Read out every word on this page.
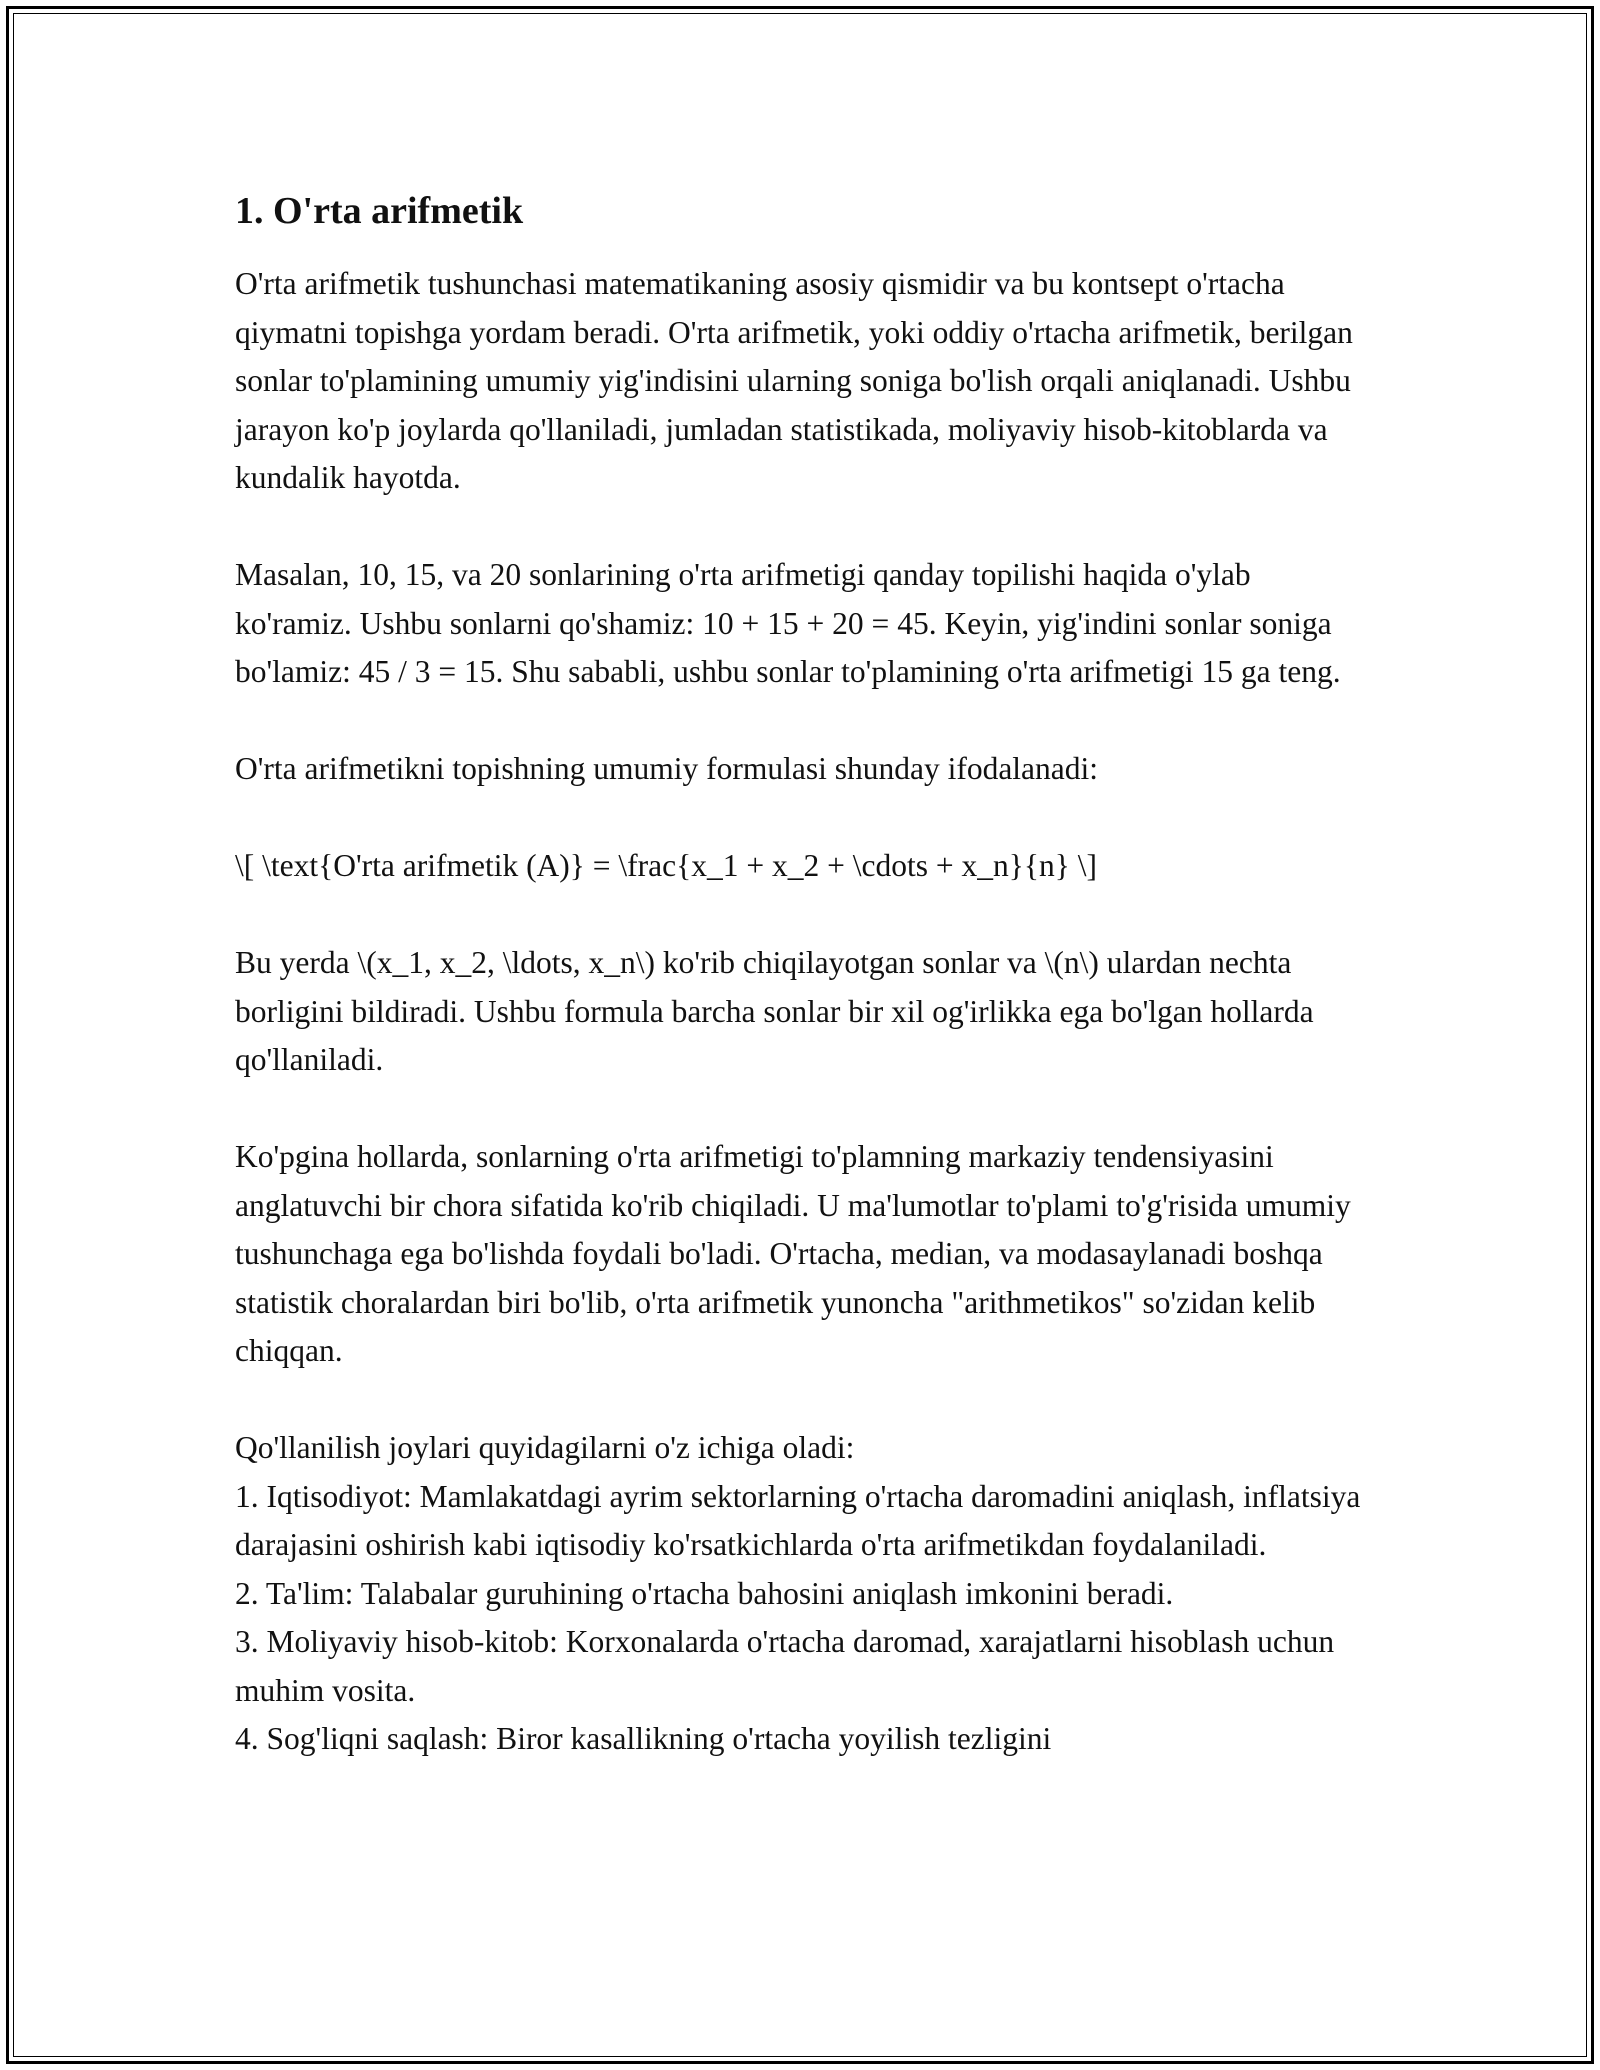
1. O'rta arifmetik

O'rta arifmetik tushunchasi matematikaning asosiy qismidir va bu kontsept o'rtacha qiymatni topishga yordam beradi. O'rta arifmetik, yoki oddiy o'rtacha arifmetik, berilgan sonlar to'plamining umumiy yig'indisini ularning soniga bo'lish orqali aniqlanadi. Ushbu jarayon ko'p joylarda qo'llaniladi, jumladan statistikada, moliyaviy hisob-kitoblarda va kundalik hayotda.

Masalan, 10, 15, va 20 sonlarining o'rta arifmetigi qanday topilishi haqida o'ylab ko'ramiz. Ushbu sonlarni qo'shamiz: 10 + 15 + 20 = 45. Keyin, yig'indini sonlar soniga bo'lamiz: 45 / 3 = 15. Shu sababli, ushbu sonlar to'plamining o'rta arifmetigi 15 ga teng.

O'rta arifmetikni topishning umumiy formulasi shunday ifodalanadi:

\[ \text{O'rta arifmetik (A)} = \frac{x_1 + x_2 + \cdots + x_n}{n} \]

Bu yerda \(x_1, x_2, \ldots, x_n\) ko'rib chiqilayotgan sonlar va \(n\) ulardan nechta borligini bildiradi. Ushbu formula barcha sonlar bir xil og'irlikka ega bo'lgan hollarda qo'llaniladi.

Ko'pgina hollarda, sonlarning o'rta arifmetigi to'plamning markaziy tendensiyasini anglatuvchi bir chora sifatida ko'rib chiqiladi. U ma'lumotlar to'plami to'g'risida umumiy tushunchaga ega bo'lishda foydali bo'ladi. O'rtacha, median, va modasaylanadi boshqa statistik choralardan biri bo'lib, o'rta arifmetik yunoncha "arithmetikos" so'zidan kelib chiqqan.

Qo'llanilish joylari quyidagilarni o'z ichiga oladi:
1. Iqtisodiyot: Mamlakatdagi ayrim sektorlarning o'rtacha daromadini aniqlash, inflatsiya darajasini oshirish kabi iqtisodiy ko'rsatkichlarda o'rta arifmetikdan foydalaniladi.
2. Ta'lim: Talabalar guruhining o'rtacha bahosini aniqlash imkonini beradi.
3. Moliyaviy hisob-kitob: Korxonalarda o'rtacha daromad, xarajatlarni hisoblash uchun muhim vosita.
4. Sog'liqni saqlash: Biror kasallikning o'rtacha yoyilish tezligini
